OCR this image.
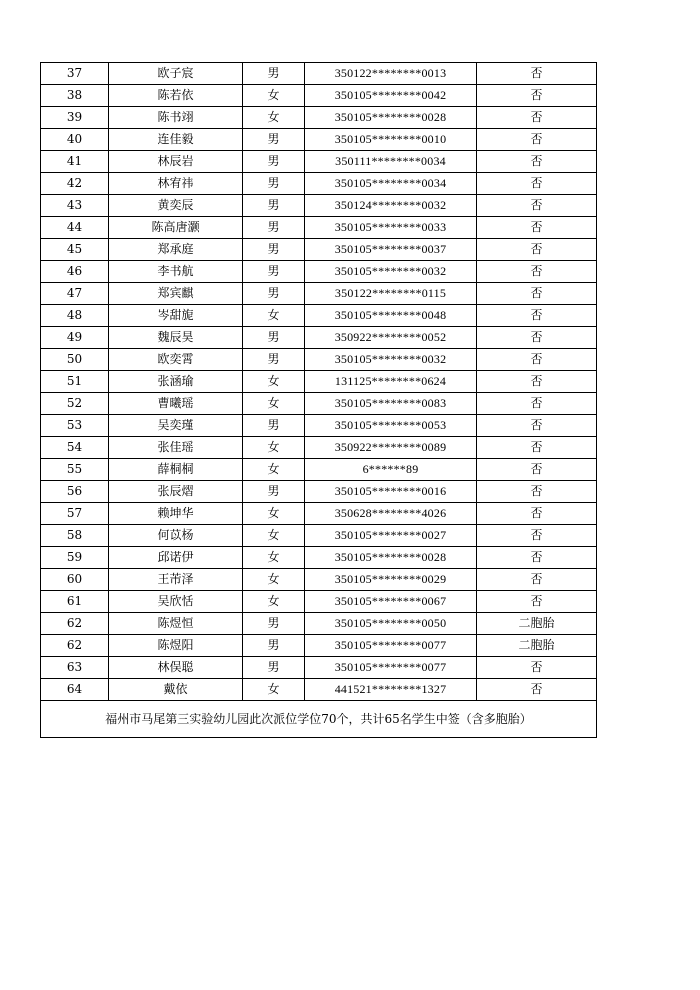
37	欧子宸	男	350122********0013	否
38	陈若依	女	350105********0042	否
39	陈书翊	女	350105********0028	否
40	连佳毅	男	350105********0010	否
41	林辰岩	男	350111********0034	否
42	林宥祎	男	350105********0034	否
43	黄奕辰	男	350124********0032	否
44	陈高唐灏	男	350105********0033	否
45	郑承庭	男	350105********0037	否
46	李书航	男	350105********0032	否
47	郑宾麒	男	350122********0115	否
48	岑甜旎	女	350105********0048	否
49	魏辰昊	男	350922********0052	否
50	欧奕霄	男	350105********0032	否
51	张涵瑜	女	131125********0624	否
52	曹曦瑶	女	350105********0083	否
53	吴奕瑾	男	350105********0053	否
54	张佳瑶	女	350922********0089	否
55	薛桐桐	女	6******89	否
56	张辰熠	男	350105********0016	否
57	赖坤华	女	350628********4026	否
58	何苡杨	女	350105********0027	否
59	邱诺伊	女	350105********0028	否
60	王芾泽	女	350105********0029	否
61	吴欣恬	女	350105********0067	否
62	陈煜恒	男	350105********0050	二胞胎
62	陈煜阳	男	350105********0077	二胞胎
63	林俣聪	男	350105********0077	否
64	戴依	女	441521********1327	否
福州市马尾第三实验幼儿园此次派位学位70个，共计65名学生中签（含多胞胎）				
